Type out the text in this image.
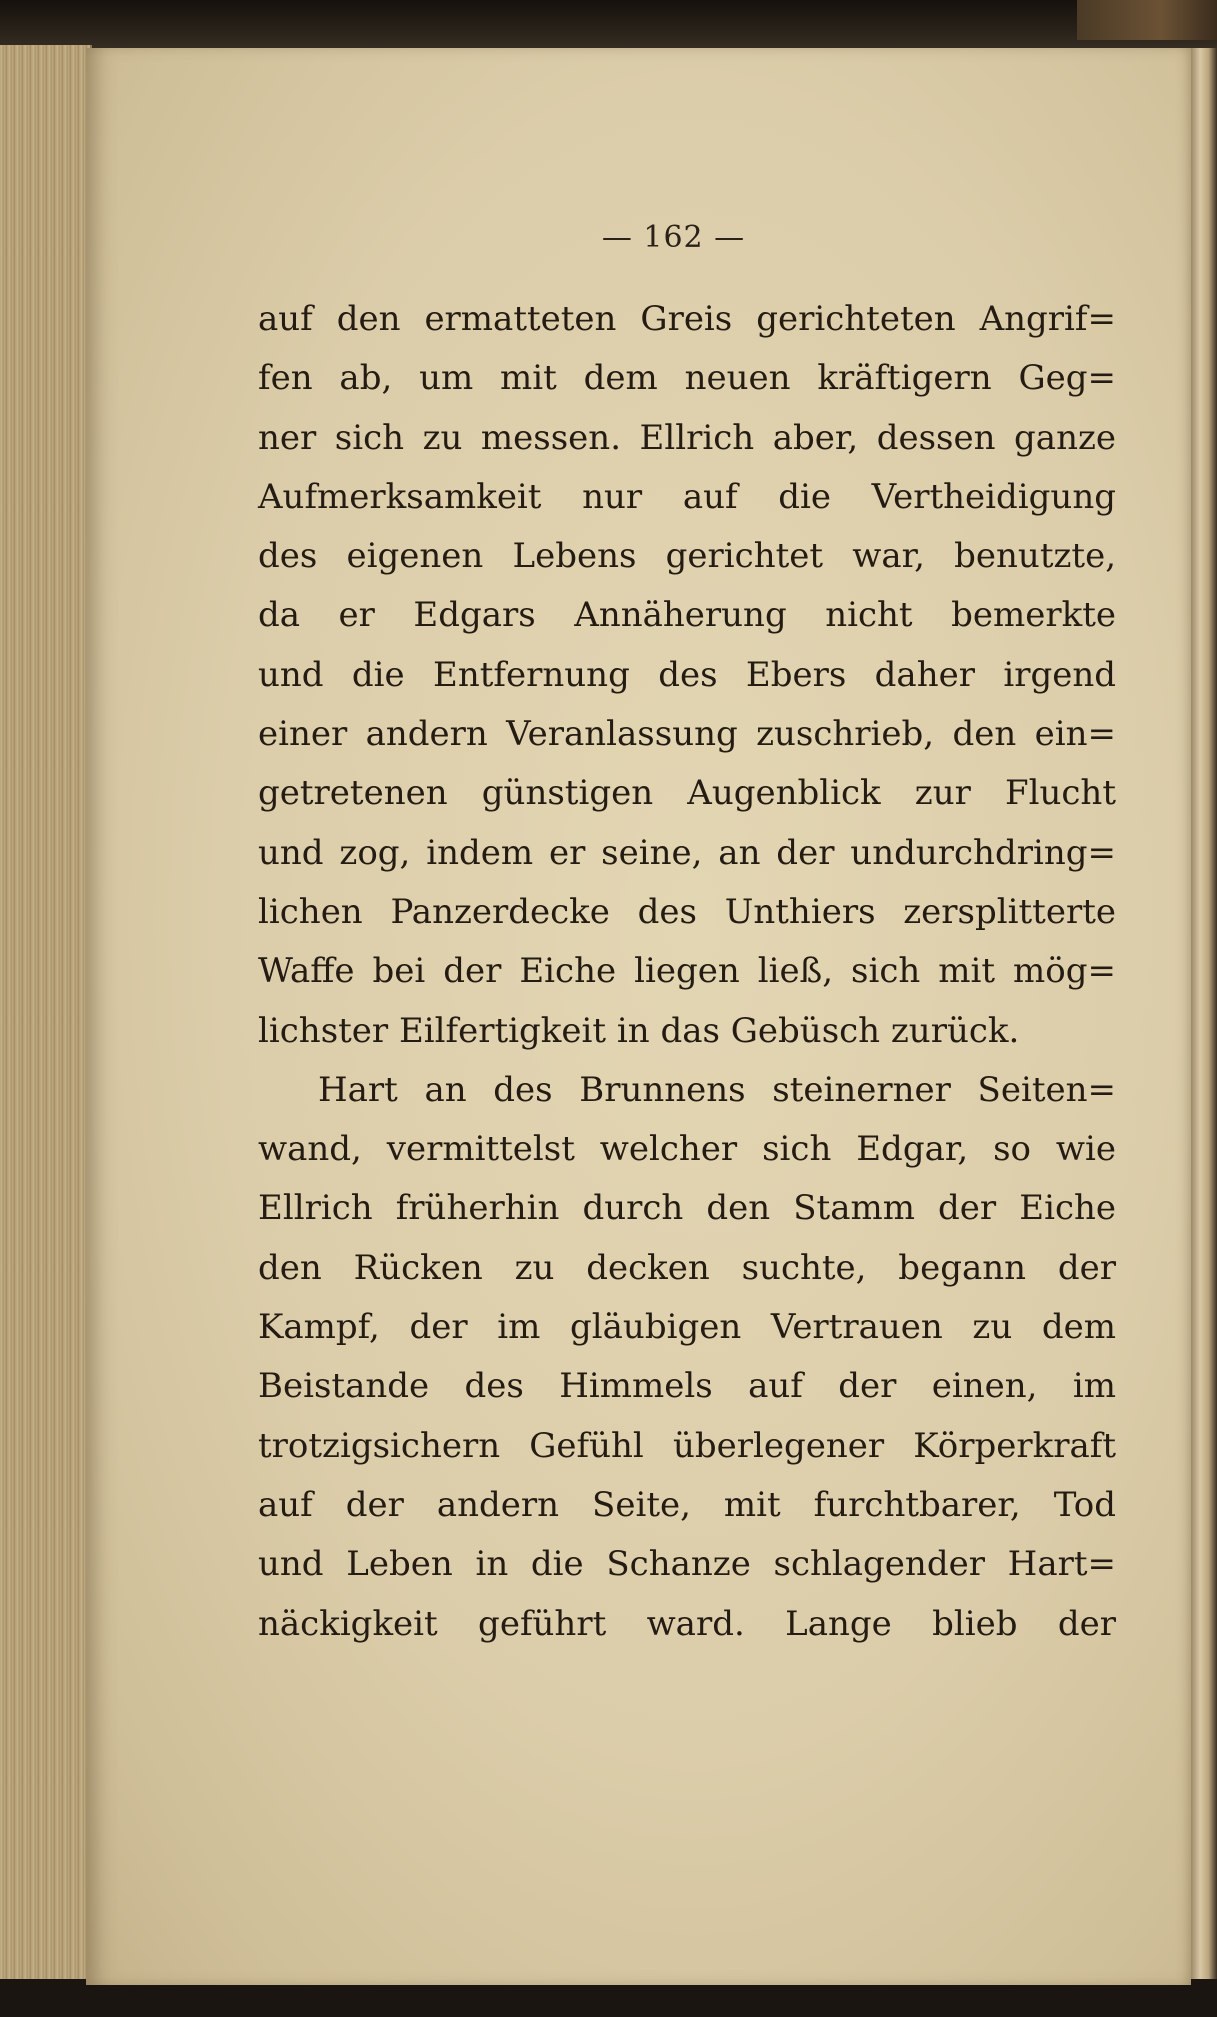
— 162 —
auf den ermatteten Greis gerichteten Angrif=
fen ab, um mit dem neuen kräftigern Geg=
ner sich zu messen. Ellrich aber, dessen ganze
Aufmerksamkeit nur auf die Vertheidigung
des eigenen Lebens gerichtet war, benutzte,
da er Edgars Annäherung nicht bemerkte
und die Entfernung des Ebers daher irgend
einer andern Veranlassung zuschrieb, den ein=
getretenen günstigen Augenblick zur Flucht
und zog, indem er seine, an der undurchdring=
lichen Panzerdecke des Unthiers zersplitterte
Waffe bei der Eiche liegen ließ, sich mit mög=
lichster Eilfertigkeit in das Gebüsch zurück.
Hart an des Brunnens steinerner Seiten=
wand, vermittelst welcher sich Edgar, so wie
Ellrich früherhin durch den Stamm der Eiche
den Rücken zu decken suchte, begann der
Kampf, der im gläubigen Vertrauen zu dem
Beistande des Himmels auf der einen, im
trotzigsichern Gefühl überlegener Körperkraft
auf der andern Seite, mit furchtbarer, Tod
und Leben in die Schanze schlagender Hart=
näckigkeit geführt ward. Lange blieb der
